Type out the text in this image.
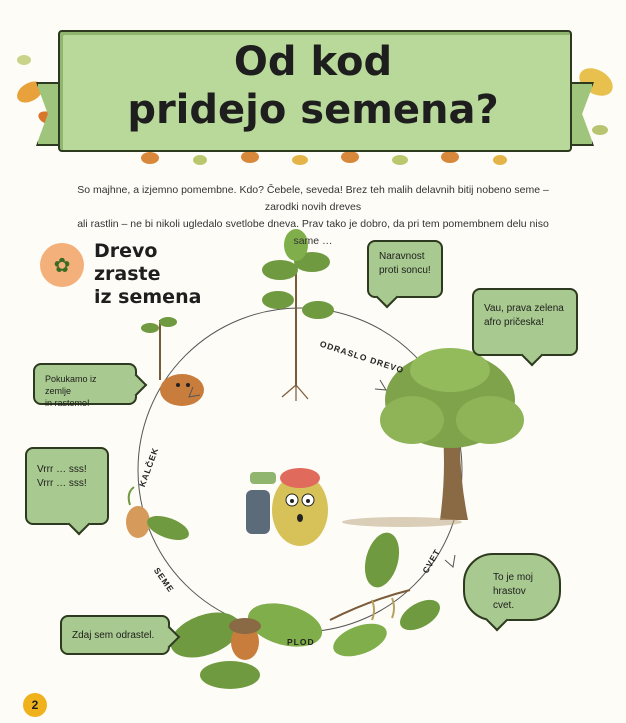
Od kod
pridejo semena?
So majhne, a izjemno pomembne. Kdo? Čebele, seveda! Brez teh malih delavnih bitij nobeno seme – zarodki novih dreves
ali rastlin – ne bi nikoli ugledalo svetlobe dneva. Prav tako je dobro, da pri tem pomembnem delu niso same …
✿
Drevo zraste
iz semena
Naravnost
proti soncu!
Vau, prava zelena
afro pričeska!
Pokukamo iz zemlje
in rastemo!
Vrrr … sss!
Vrrr … sss!
To je moj
hrastov cvet.
Zdaj sem odrastel.
ODRASLO DREVO
KALČEK
CVET
SEME
PLOD
2
